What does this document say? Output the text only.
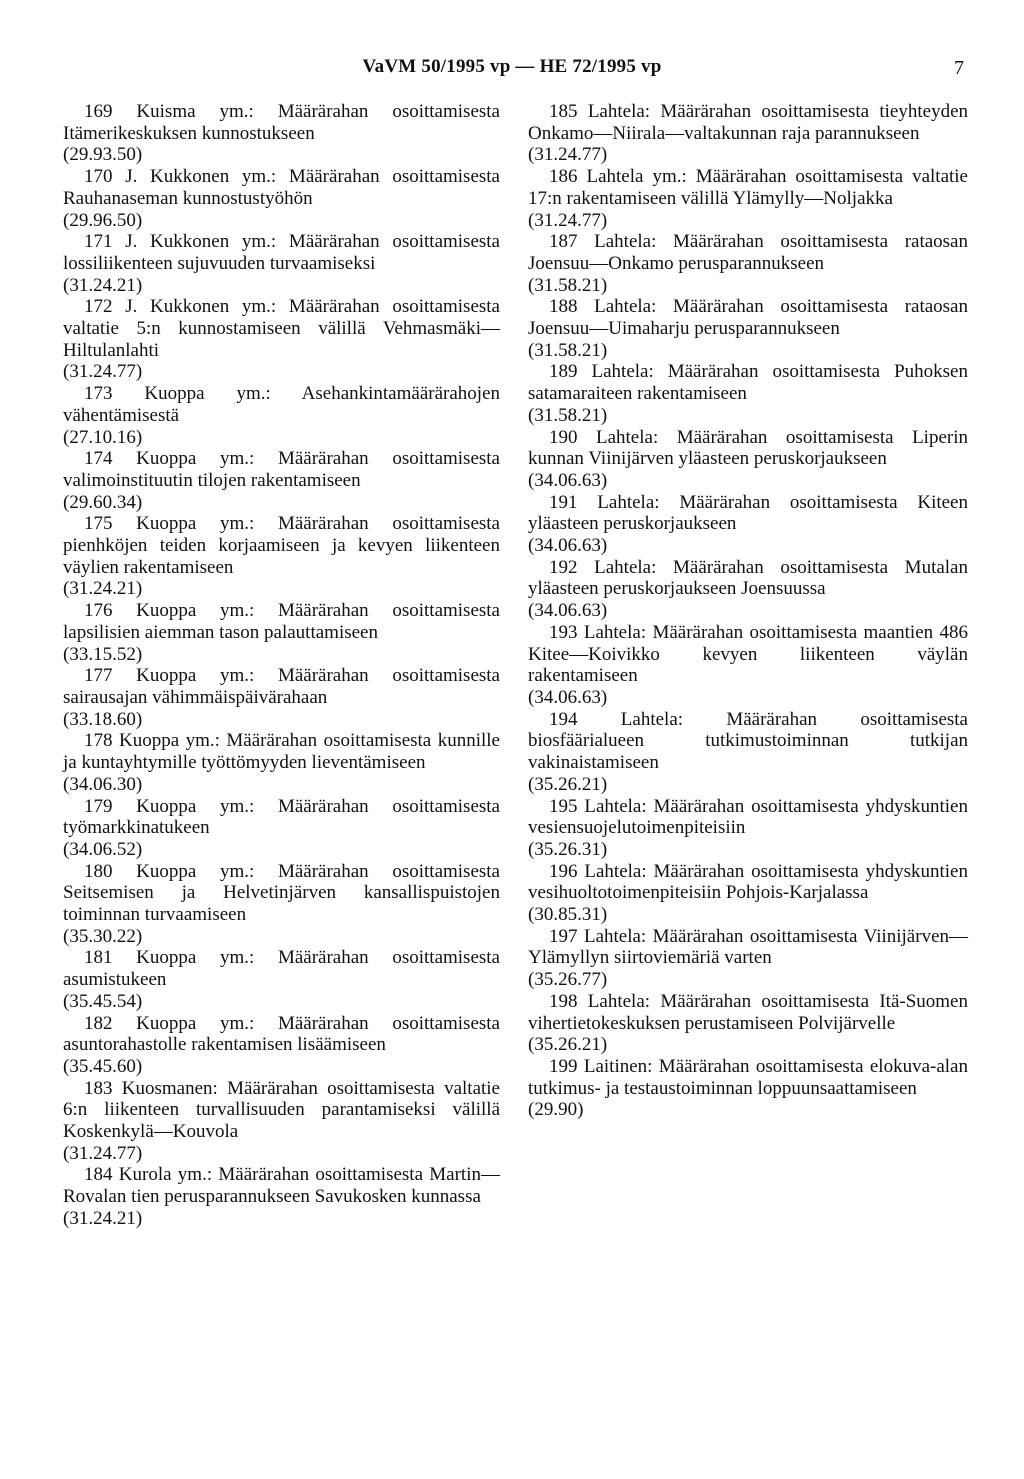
VaVM 50/1995 vp — HE 72/1995 vp	7
169 Kuisma ym.: Määrärahan osoittamisesta Itämerikeskuksen kunnostukseen
(29.93.50)
170 J. Kukkonen ym.: Määrärahan osoittamisesta Rauhanaseman kunnostustyöhön
(29.96.50)
171 J. Kukkonen ym.: Määrärahan osoittamisesta lossiliikenteen sujuvuuden turvaamiseksi
(31.24.21)
172 J. Kukkonen ym.: Määrärahan osoittamisesta valtatie 5:n kunnostamiseen välillä Vehmasmäki—Hiltulanlahti
(31.24.77)
173 Kuoppa ym.: Asehankintamäärärahojen vähentämisestä
(27.10.16)
174 Kuoppa ym.: Määrärahan osoittamisesta valimoinstituutin tilojen rakentamiseen
(29.60.34)
175 Kuoppa ym.: Määrärahan osoittamisesta pienhköjen teiden korjaamiseen ja kevyen liikenteen väylien rakentamiseen
(31.24.21)
176 Kuoppa ym.: Määrärahan osoittamisesta lapsilisien aiemman tason palauttamiseen
(33.15.52)
177 Kuoppa ym.: Määrärahan osoittamisesta sairausajan vähimmäispäivärahaan
(33.18.60)
178 Kuoppa ym.: Määrärahan osoittamisesta kunnille ja kuntayhtymille työttömyyden lieventämiseen
(34.06.30)
179 Kuoppa ym.: Määrärahan osoittamisesta työmarkkinatukeen
(34.06.52)
180 Kuoppa ym.: Määrärahan osoittamisesta Seitsemisen ja Helvetinjärven kansallispuistojen toiminnan turvaamiseen
(35.30.22)
181 Kuoppa ym.: Määrärahan osoittamisesta asumistukeen
(35.45.54)
182 Kuoppa ym.: Määrärahan osoittamisesta asuntorahastolle rakentamisen lisäämiseen
(35.45.60)
183 Kuosmanen: Määrärahan osoittamisesta valtatie 6:n liikenteen turvallisuuden parantamiseksi välillä Koskenkylä—Kouvola
(31.24.77)
184 Kurola ym.: Määrärahan osoittamisesta Martin—Rovalan tien perusparannukseen Savukosken kunnassa
(31.24.21)
185 Lahtela: Määrärahan osoittamisesta tieyhteyden Onkamo—Niirala—valtakunnan raja parannukseen
(31.24.77)
186 Lahtela ym.: Määrärahan osoittamisesta valtatie 17:n rakentamiseen välillä Ylämylly—Noljakka
(31.24.77)
187 Lahtela: Määrärahan osoittamisesta rataosan Joensuu—Onkamo perusparannukseen
(31.58.21)
188 Lahtela: Määrärahan osoittamisesta rataosan Joensuu—Uimaharju perusparannukseen
(31.58.21)
189 Lahtela: Määrärahan osoittamisesta Puhoksen satamaraiteen rakentamiseen
(31.58.21)
190 Lahtela: Määrärahan osoittamisesta Liperin kunnan Viinijärven yläasteen peruskorjaukseen
(34.06.63)
191 Lahtela: Määrärahan osoittamisesta Kiteen yläasteen peruskorjaukseen
(34.06.63)
192 Lahtela: Määrärahan osoittamisesta Mutalan yläasteen peruskorjaukseen Joensuussa
(34.06.63)
193 Lahtela: Määrärahan osoittamisesta maantien 486 Kitee—Koivikko kevyen liikenteen väylän rakentamiseen
(34.06.63)
194 Lahtela: Määrärahan osoittamisesta biosfäärialueen tutkimustoiminnan tutkijan vakinaistamiseen
(35.26.21)
195 Lahtela: Määrärahan osoittamisesta yhdyskuntien vesiensuojelutoimenpiteisiin
(35.26.31)
196 Lahtela: Määrärahan osoittamisesta yhdyskuntien vesihuoltotoimenpiteisiin Pohjois-Karjalassa
(30.85.31)
197 Lahtela: Määrärahan osoittamisesta Viinijärven—Ylämyllyn siirtoviemäriä varten
(35.26.77)
198 Lahtela: Määrärahan osoittamisesta Itä-Suomen vihertietokeskuksen perustamiseen Polvijärvelle
(35.26.21)
199 Laitinen: Määrärahan osoittamisesta elokuva-alan tutkimus- ja testaustoiminnan loppuunsaattamiseen
(29.90)
